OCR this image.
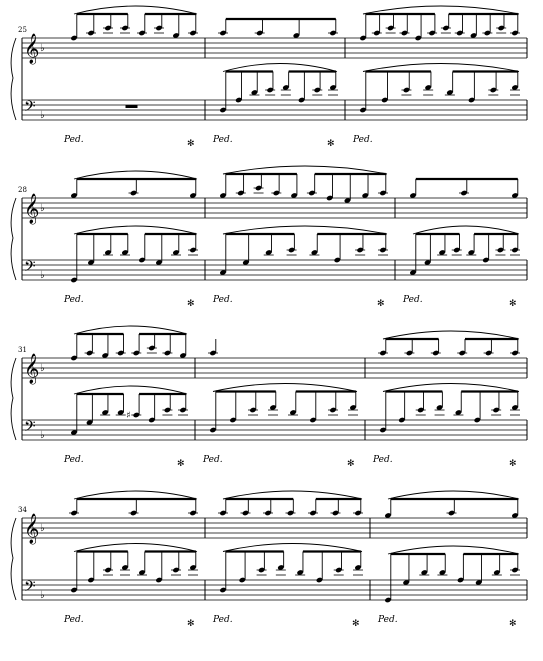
25
𝄞
𝄢
♭
♭
Ped.	✻ Ped.	✻ Ped.
28
𝄞
𝄢
♭
♭
Ped.	✻ Ped.	✻ Ped.	✻
31
𝄞
𝄢
♭
♭
♯
Ped.	✻ Ped.	✻ Ped.	✻
34
𝄞
𝄢
♭
♭
Ped.	✻ Ped.	✻ Ped.	✻
